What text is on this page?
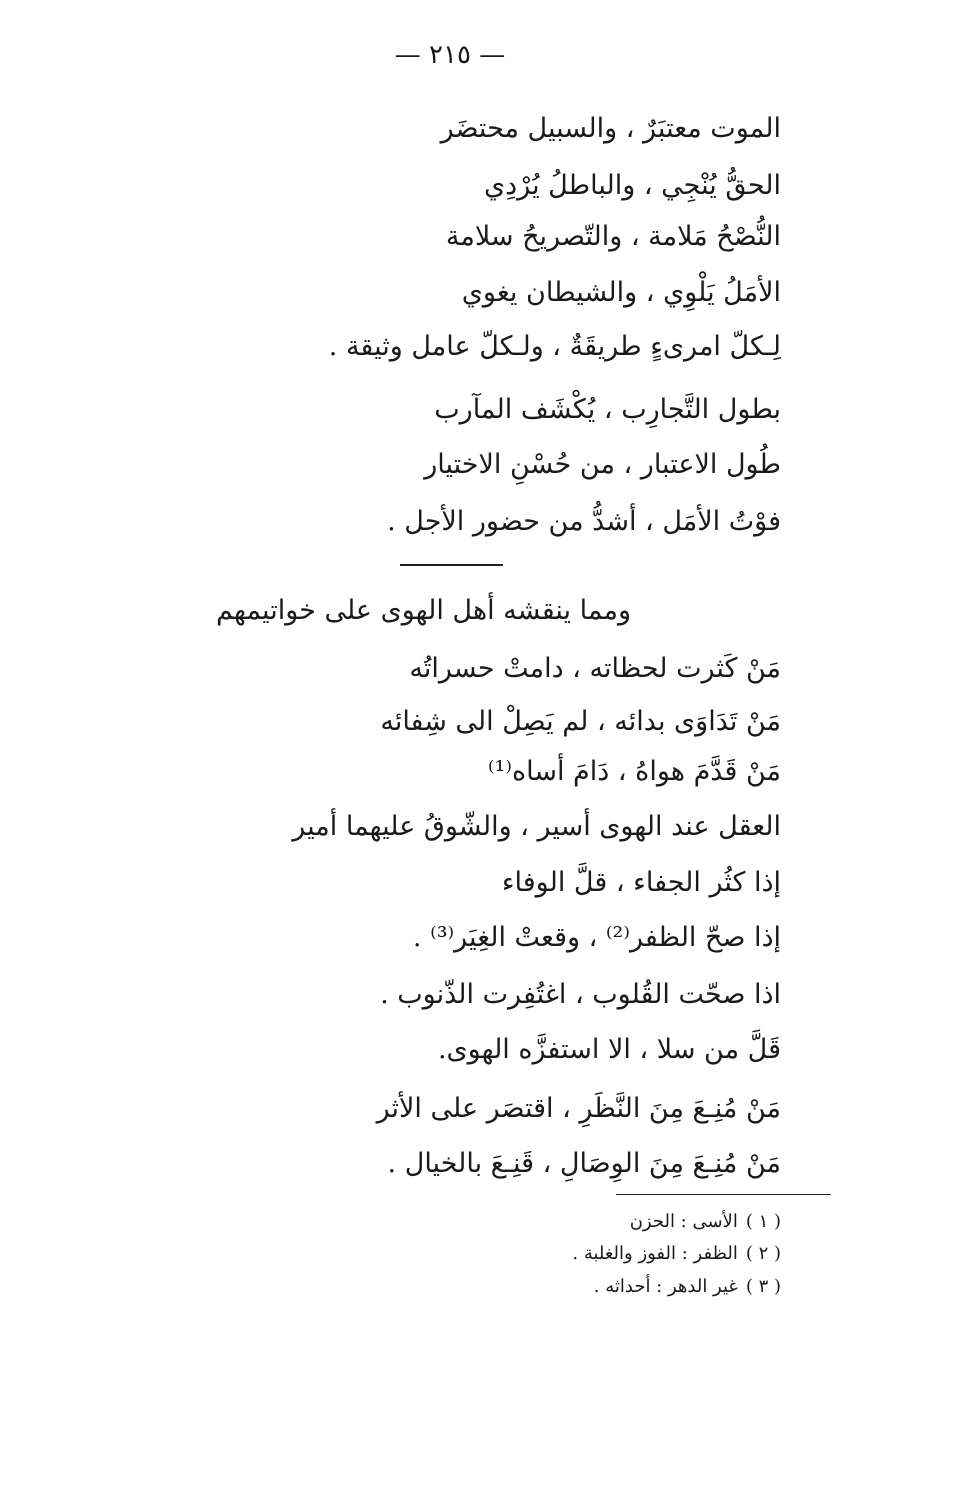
— ٢١٥ —
الموت معتبَرٌ ، والسبيل محتضَر
الحقُّ يُنْجِي ، والباطلُ يُرْدِي
النُّصْحُ مَلامة ، والتّصريحُ سلامة
الأمَلُ يَلْوِي ، والشيطان يغوي
لِـكلّ امرىءٍ طريقَةٌ ، ولـكلّ عامل وثيقة .
بطول التَّجارِب ، يُكْشَف المآرب
طُول الاعتبار ، من حُسْنِ الاختيار
فوْتُ الأمَل ، أشدُّ من حضور الأجل .
ومما ينقشه أهل الهوى على خواتيمهم
مَنْ كَثرت لحظاته ، دامتْ حسراتُه
مَنْ تَدَاوَى بدائه ، لم يَصِلْ الى شِفائه
مَنْ قَدَّمَ هواهُ ، دَامَ أساه⁽¹⁾
العقل عند الهوى أسير ، والشّوقُ عليهما أمير
إذا كثُر الجفاء ، قلَّ الوفاء
إذا صحّ الظفر⁽²⁾ ، وقعتْ الغِيَر⁽³⁾ .
اذا صحّت القُلوب ، اغتُفِرت الذّنوب .
قَلَّ من سلا ، الا استفزَّه الهوى.
مَنْ مُنِـعَ مِنَ النَّظَرِ ، اقتصَر على الأثر
مَنْ مُنِـعَ مِنَ الوِصَالِ ، قَنِـعَ بالخيال .
( ١ )الأسى : الحزن
( ٢ )الظفر : الفوز والغلبة .
( ٣ )غير الدهر : أحداثه .
